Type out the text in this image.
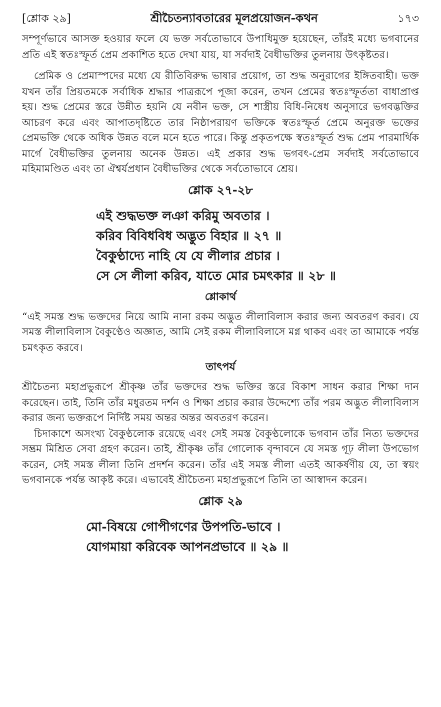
[শ্লোক ২৯]	শ্রীচৈতন্যাবতারের মূলপ্রয়োজন-কথন	১৭৩

সম্পূর্ণভাবে আসক্ত হওয়ার ফলে যে ভক্ত সর্বতোভাবে উপাধিমুক্ত হয়েছেন, তাঁরই মধ্যে ভগবানের প্রতি এই স্বতঃস্ফূর্ত প্রেম প্রকাশিত হতে দেখা যায়, যা সর্বদাই বৈধীভক্তির তুলনায় উৎকৃষ্টতর।

প্রেমিক ও প্রেমাস্পদের মধ্যে যে রীতিবিরুদ্ধ ভাষার প্রয়োগ, তা শুদ্ধ অনুরাগের ইঙ্গিতবাহী। ভক্ত যখন তাঁর প্রিয়তমকে সর্বাধিক শ্রদ্ধার পাত্ররূপে পূজা করেন, তখন প্রেমের স্বতঃস্ফূর্ততা বাধাপ্রাপ্ত হয়। শুদ্ধ প্রেমের স্তরে উন্নীত হয়নি যে নবীন ভক্ত, সে শাস্ত্রীয় বিধি-নিষেধ অনুসারে ভগবদ্ভক্তির আচরণ করে এবং আপাতদৃষ্টিতে তার নিষ্ঠাপরায়ণ ভক্তিকে স্বতঃস্ফূর্ত প্রেমে অনুরক্ত ভক্তের প্রেমভক্তি থেকে অধিক উন্নত বলে মনে হতে পারে। কিন্তু প্রকৃতপক্ষে স্বতঃস্ফূর্ত শুদ্ধ প্রেম পারমার্থিক মার্গে বৈধীভক্তির তুলনায় অনেক উন্নত। এই প্রকার শুদ্ধ ভগবৎ-প্রেম সর্বদাই সর্বতোভাবে মহিমামণ্ডিত এবং তা ঐশ্বর্যপ্রধান বৈধীভক্তির থেকে সর্বতোভাবে শ্রেয়।

শ্লোক ২৭-২৮
এই শুদ্ধভক্ত লঞা করিমু অবতার ।
করিব বিবিধবিধ অদ্ভুত বিহার ॥ ২৭ ॥
বৈকুণ্ঠাদ্যে নাহি যে যে লীলার প্রচার ।
সে সে লীলা করিব, যাতে মোর চমৎকার ॥ ২৮ ॥
শ্লোকার্থ

“এই সমস্ত শুদ্ধ ভক্তদের নিয়ে আমি নানা রকম অদ্ভুত লীলাবিলাস করার জন্য অবতরণ করব। যে সমস্ত লীলাবিলাস বৈকুণ্ঠেও অজ্ঞাত, আমি সেই রকম লীলাবিলাসে মগ্ন থাকব এবং তা আমাকে পর্যন্ত চমৎকৃত করবে।

তাৎপর্য

শ্রীচৈতন্য মহাপ্রভুরূপে শ্রীকৃষ্ণ তাঁর ভক্তদের শুদ্ধ ভক্তির স্তরে বিকাশ সাধন করার শিক্ষা দান করেছেন। তাই, তিনি তাঁর মধুরতম দর্শন ও শিক্ষা প্রচার করার উদ্দেশ্যে তাঁর পরম অদ্ভুত লীলাবিলাস করার জন্য ভক্তরূপে নির্দিষ্ট সময় অন্তর অন্তর অবতরণ করেন।

চিদাকাশে অসংখ্য বৈকুণ্ঠলোক রয়েছে এবং সেই সমস্ত বৈকুণ্ঠলোকে ভগবান তাঁর নিত্য ভক্তদের সম্ভ্রম মিশ্রিত সেবা গ্রহণ করেন। তাই, শ্রীকৃষ্ণ তাঁর গোলোক বৃন্দাবনে যে সমস্ত গূঢ় লীলা উপভোগ করেন, সেই সমস্ত লীলা তিনি প্রদর্শন করেন। তাঁর এই সমস্ত লীলা এতই আকর্ষণীয় যে, তা স্বয়ং ভগবানকে পর্যন্ত আকৃষ্ট করে। এভাবেই শ্রীচৈতন্য মহাপ্রভুরূপে তিনি তা আস্বাদন করেন।

শ্লোক ২৯
মো-বিষয়ে গোপীগণের উপপতি-ভাবে ।
যোগমায়া করিবেক আপনপ্রভাবে ॥ ২৯ ॥
